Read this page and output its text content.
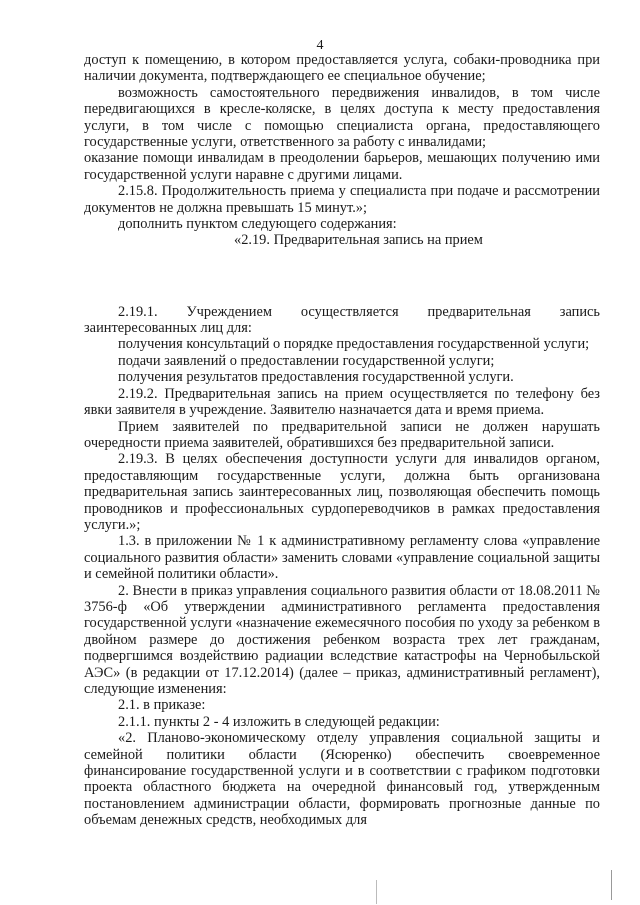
4

доступ к помещению, в котором предоставляется услуга, собаки-проводника при наличии документа, подтверждающего ее специальное обучение;

возможность самостоятельного передвижения инвалидов, в том числе передвигающихся в кресле-коляске, в целях доступа к месту предоставления услуги, в том числе с помощью специалиста органа, предоставляющего государственные услуги, ответственного за работу с инвалидами;

оказание помощи инвалидам в преодолении барьеров, мешающих получению ими государственной услуги наравне с другими лицами.

2.15.8. Продолжительность приема у специалиста при подаче и рассмотрении документов не должна превышать 15 минут.»;

дополнить пунктом следующего содержания:

«2.19. Предварительная запись на прием

2.19.1. Учреждением осуществляется предварительная запись заинтересованных лиц для:

получения консультаций о порядке предоставления государственной услуги;

подачи заявлений о предоставлении государственной услуги;

получения результатов предоставления государственной услуги.

2.19.2. Предварительная запись на прием осуществляется по телефону без явки заявителя в учреждение. Заявителю назначается дата и время приема.

Прием заявителей по предварительной записи не должен нарушать очередности приема заявителей, обратившихся без предварительной записи.

2.19.3. В целях обеспечения доступности услуги для инвалидов органом, предоставляющим государственные услуги, должна быть организована предварительная запись заинтересованных лиц, позволяющая обеспечить помощь проводников и профессиональных сурдопереводчиков в рамках предоставления услуги.»;

1.3. в приложении № 1 к административному регламенту слова «управление социального развития области» заменить словами «управление социальной защиты и семейной политики области».

2. Внести в приказ управления социального развития области от 18.08.2011 № 3756-ф «Об утверждении административного регламента предоставления государственной услуги «назначение ежемесячного пособия по уходу за ребенком в двойном размере до достижения ребенком возраста трех лет гражданам, подвергшимся воздействию радиации вследствие катастрофы на Чернобыльской АЭС» (в редакции от 17.12.2014) (далее – приказ, административный регламент), следующие изменения:

2.1. в приказе:

2.1.1. пункты 2 - 4 изложить в следующей редакции:

«2. Планово-экономическому отделу управления социальной защиты и семейной политики области (Ясюренко) обеспечить своевременное финансирование государственной услуги и в соответствии с графиком подготовки проекта областного бюджета на очередной финансовый год, утвержденным постановлением администрации области, формировать прогнозные данные по объемам денежных средств, необходимых для
